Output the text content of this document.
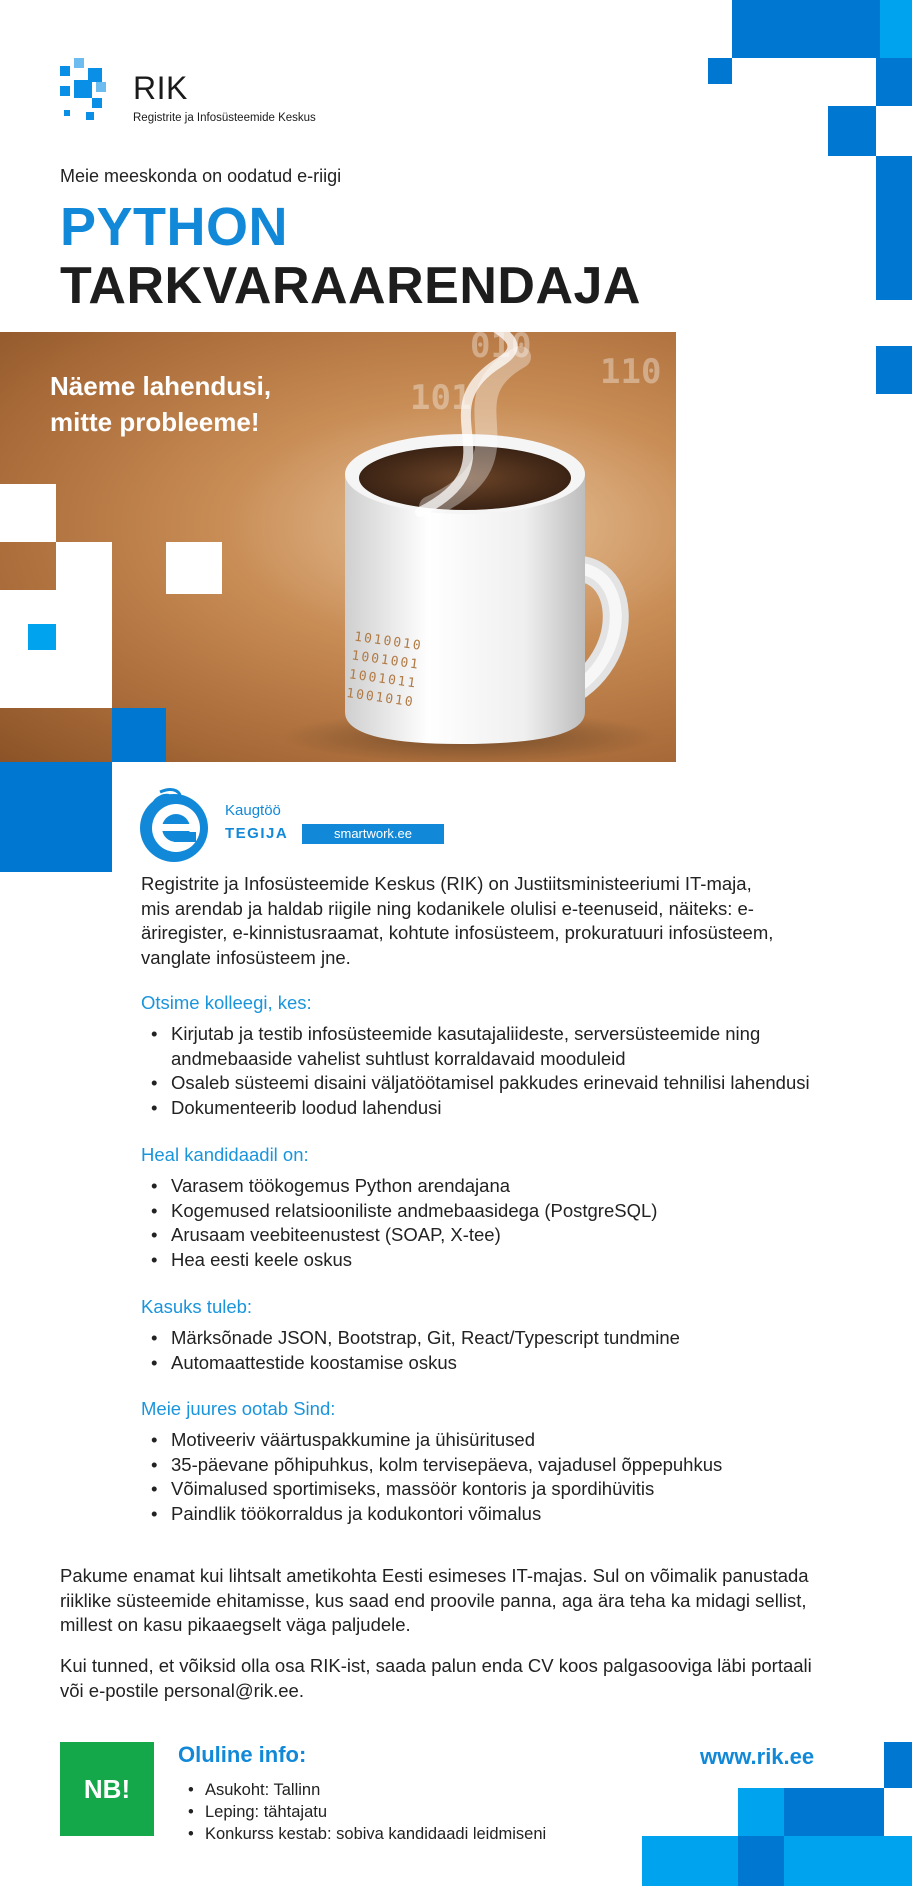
RIK
Registrite ja Infosüsteemide Keskus
Meie meeskonda on oodatud e-riigi
PYTHON
TARKVARAARENDAJA
010
101
110
1010010
1001001
1001011
1001010
Näeme lahendusi,
mitte probleeme!
Kaugtöö
TEGIJA	smartwork.ee
Registrite ja Infosüsteemide Keskus (RIK) on Justiitsministeeriumi IT-maja, mis arendab ja haldab riigile ning kodanikele olulisi e-teenuseid, näiteks: e-äriregister, e-kinnistusraamat, kohtute infosüsteem, prokuratuuri infosüsteem, vanglate infosüsteem jne.
Otsime kolleegi, kes:
• Kirjutab ja testib infosüsteemide kasutajaliideste, serversüsteemide ning andmebaaside vahelist suhtlust korraldavaid mooduleid
• Osaleb süsteemi disaini väljatöötamisel pakkudes erinevaid tehnilisi lahendusi
• Dokumenteerib loodud lahendusi
Heal kandidaadil on:
• Varasem töökogemus Python arendajana
• Kogemused relatsiooniliste andmebaasidega (PostgreSQL)
• Arusaam veebiteenustest (SOAP, X-tee)
• Hea eesti keele oskus
Kasuks tuleb:
• Märksõnade JSON, Bootstrap, Git, React/Typescript tundmine
• Automaattestide koostamise oskus
Meie juures ootab Sind:
• Motiveeriv väärtuspakkumine ja ühisüritused
• 35-päevane põhipuhkus, kolm tervisepäeva, vajadusel õppepuhkus
• Võimalused sportimiseks, massöör kontoris ja spordihüvitis
• Paindlik töökorraldus ja kodukontori võimalus
Pakume enamat kui lihtsalt ametikohta Eesti esimeses IT-majas. Sul on võimalik panustada riiklike süsteemide ehitamisse, kus saad end proovile panna, aga ära teha ka midagi sellist, millest on kasu pikaaegselt väga paljudele.
Kui tunned, et võiksid olla osa RIK-ist, saada palun enda CV koos palgasooviga läbi portaali või e-postile personal@rik.ee.
NB!
Oluline info:
• Asukoht: Tallinn
• Leping: tähtajatu
• Konkurss kestab: sobiva kandidaadi leidmiseni
www.rik.ee
